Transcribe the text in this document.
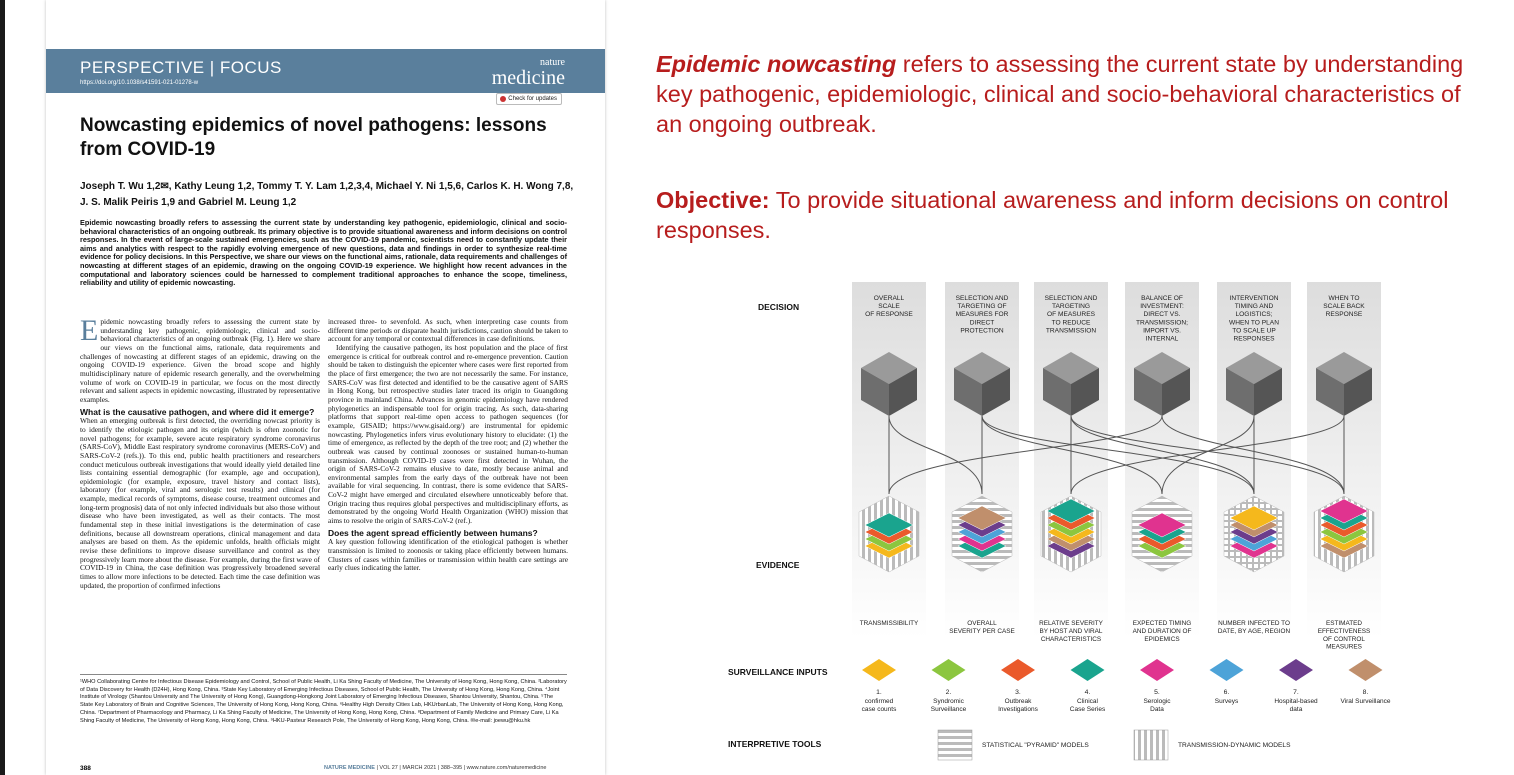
PERSPECTIVE | FOCUS
https://doi.org/10.1038/s41591-021-01278-w
nature
medicine
Check for updates
Nowcasting epidemics of novel pathogens: lessons from COVID-19
Joseph T. Wu 1,2✉, Kathy Leung 1,2, Tommy T. Y. Lam 1,2,3,4, Michael Y. Ni 1,5,6, Carlos K. H. Wong 7,8, J. S. Malik Peiris 1,9 and Gabriel M. Leung 1,2
Epidemic nowcasting broadly refers to assessing the current state by understanding key pathogenic, epidemiologic, clinical and socio-behavioral characteristics of an ongoing outbreak. Its primary objective is to provide situational awareness and inform decisions on control responses. In the event of large-scale sustained emergencies, such as the COVID-19 pandemic, scientists need to constantly update their aims and analytics with respect to the rapidly evolving emergence of new questions, data and findings in order to synthesize real-time evidence for policy decisions. In this Perspective, we share our views on the functional aims, rationale, data requirements and challenges of nowcasting at different stages of an epidemic, drawing on the ongoing COVID-19 experience. We highlight how recent advances in the computational and laboratory sciences could be harnessed to complement traditional approaches to enhance the scope, timeliness, reliability and utility of epidemic nowcasting.
E pidemic nowcasting broadly refers to assessing the current state by understanding key pathogenic, epidemiologic, clinical and socio-behavioral characteristics of an ongoing outbreak (Fig. 1). Here we share our views on the functional aims, rationale, data requirements and challenges of nowcasting at different stages of an epidemic, drawing on the ongoing COVID-19 experience. Given the broad scope and highly multidisciplinary nature of epidemic research generally, and the overwhelming volume of work on COVID-19 in particular, we focus on the most directly relevant and salient aspects in epidemic nowcasting, illustrated by representative examples.
What is the causative pathogen, and where did it emerge?
When an emerging outbreak is first detected, the overriding nowcast priority is to identify the etiologic pathogen and its origin (which is often zoonotic for novel pathogens; for example, severe acute respiratory syndrome coronavirus (SARS-CoV), Middle East respiratory syndrome coronavirus (MERS-CoV) and SARS-CoV-2 (refs.)). To this end, public health practitioners and researchers conduct meticulous outbreak investigations that would ideally yield detailed line lists containing essential demographic (for example, age and occupation), epidemiologic (for example, exposure, travel history and contact lists), laboratory (for example, viral and serologic test results) and clinical (for example, medical records of symptoms, disease course, treatment outcomes and long-term prognosis) data of not only infected individuals but also those without disease who have been investigated, as well as their contacts. The most fundamental step in these initial investigations is the determination of case definitions, because all downstream operations, clinical management and data analyses are based on them. As the epidemic unfolds, health officials might revise these definitions to improve disease surveillance and control as they progressively learn more about the disease. For example, during the first wave of COVID-19 in China, the case definition was progressively broadened several times to allow more infections to be detected. Each time the case definition was updated, the proportion of confirmed infections
increased three- to sevenfold. As such, when interpreting case counts from different time periods or disparate health jurisdictions, caution should be taken to account for any temporal or contextual differences in case definitions.
Identifying the causative pathogen, its host population and the place of first emergence is critical for outbreak control and re-emergence prevention. Caution should be taken to distinguish the epicenter where cases were first reported from the place of first emergence; the two are not necessarily the same. For instance, SARS-CoV was first detected and identified to be the causative agent of SARS in Hong Kong, but retrospective studies later traced its origin to Guangdong province in mainland China. Advances in genomic epidemiology have rendered phylogenetics an indispensable tool for origin tracing. As such, data-sharing platforms that support real-time open access to pathogen sequences (for example, GISAID; https://www.gisaid.org/) are instrumental for epidemic nowcasting. Phylogenetics infers virus evolutionary history to elucidate: (1) the time of emergence, as reflected by the depth of the tree root; and (2) whether the outbreak was caused by continual zoonoses or sustained human-to-human transmission. Although COVID-19 cases were first detected in Wuhan, the origin of SARS-CoV-2 remains elusive to date, mostly because animal and environmental samples from the early days of the outbreak have not been available for viral sequencing. In contrast, there is some evidence that SARS-CoV-2 might have emerged and circulated elsewhere unnoticeably before that. Origin tracing thus requires global perspectives and multidisciplinary efforts, as demonstrated by the ongoing World Health Organization (WHO) mission that aims to resolve the origin of SARS-CoV-2 (ref.).
Does the agent spread efficiently between humans?
A key question following identification of the etiological pathogen is whether transmission is limited to zoonosis or taking place efficiently between humans. Clusters of cases within families or transmission within health care settings are early clues indicating the latter.
¹WHO Collaborating Centre for Infectious Disease Epidemiology and Control, School of Public Health, Li Ka Shing Faculty of Medicine, The University of Hong Kong, Hong Kong, China. ²Laboratory of Data Discovery for Health (D24H), Hong Kong, China. ³State Key Laboratory of Emerging Infectious Diseases, School of Public Health, The University of Hong Kong, Hong Kong, China. ⁴Joint Institute of Virology (Shantou University and The University of Hong Kong), Guangdong-Hongkong Joint Laboratory of Emerging Infectious Diseases, Shantou University, Shantou, China. ⁵The State Key Laboratory of Brain and Cognitive Sciences, The University of Hong Kong, Hong Kong, China. ⁶Healthy High Density Cities Lab, HKUrbanLab, The University of Hong Kong, Hong Kong, China. ⁷Department of Pharmacology and Pharmacy, Li Ka Shing Faculty of Medicine, The University of Hong Kong, Hong Kong, China. ⁸Department of Family Medicine and Primary Care, Li Ka Shing Faculty of Medicine, The University of Hong Kong, Hong Kong, China. ⁹HKU-Pasteur Research Pole, The University of Hong Kong, Hong Kong, China. ✉e-mail: joewu@hku.hk
388	NATURE MEDICINE | VOL 27 | MARCH 2021 | 388–395 | www.nature.com/naturemedicine
Epidemic nowcasting refers to assessing the current state by understanding key pathogenic, epidemiologic, clinical and socio-behavioral characteristics of an ongoing outbreak.
Objective: To provide situational awareness and inform decisions on control responses.
DECISION
EVIDENCE
SURVEILLANCE INPUTS
INTERPRETIVE TOOLS
OVERALL SCALE OF RESPONSE
TRANSMISSIBILITY
SELECTION AND TARGETING OF MEASURES FOR DIRECT PROTECTION
OVERALL SEVERITY PER CASE
SELECTION AND TARGETING OF MEASURES TO REDUCE TRANSMISSION
RELATIVE SEVERITY BY HOST AND VIRAL CHARACTERISTICS
BALANCE OF INVESTMENT: DIRECT VS. TRANSMISSION; IMPORT VS. INTERNAL
EXPECTED TIMING AND DURATION OF EPIDEMICS
INTERVENTION TIMING AND LOGISTICS; WHEN TO PLAN TO SCALE UP RESPONSES
NUMBER INFECTED TO DATE, BY AGE, REGION
WHEN TO SCALE BACK RESPONSE
ESTIMATED EFFECTIVENESS OF CONTROL MEASURES
1.
confirmed case counts
2.
Syndromic Surveillance
3.
Outbreak Investigations
4.
Clinical Case Series
5.
Serologic Data
6.
Surveys
7.
Hospital-based data
8.
Viral Surveillance
STATISTICAL "PYRAMID" MODELS	TRANSMISSION-DYNAMIC MODELS
